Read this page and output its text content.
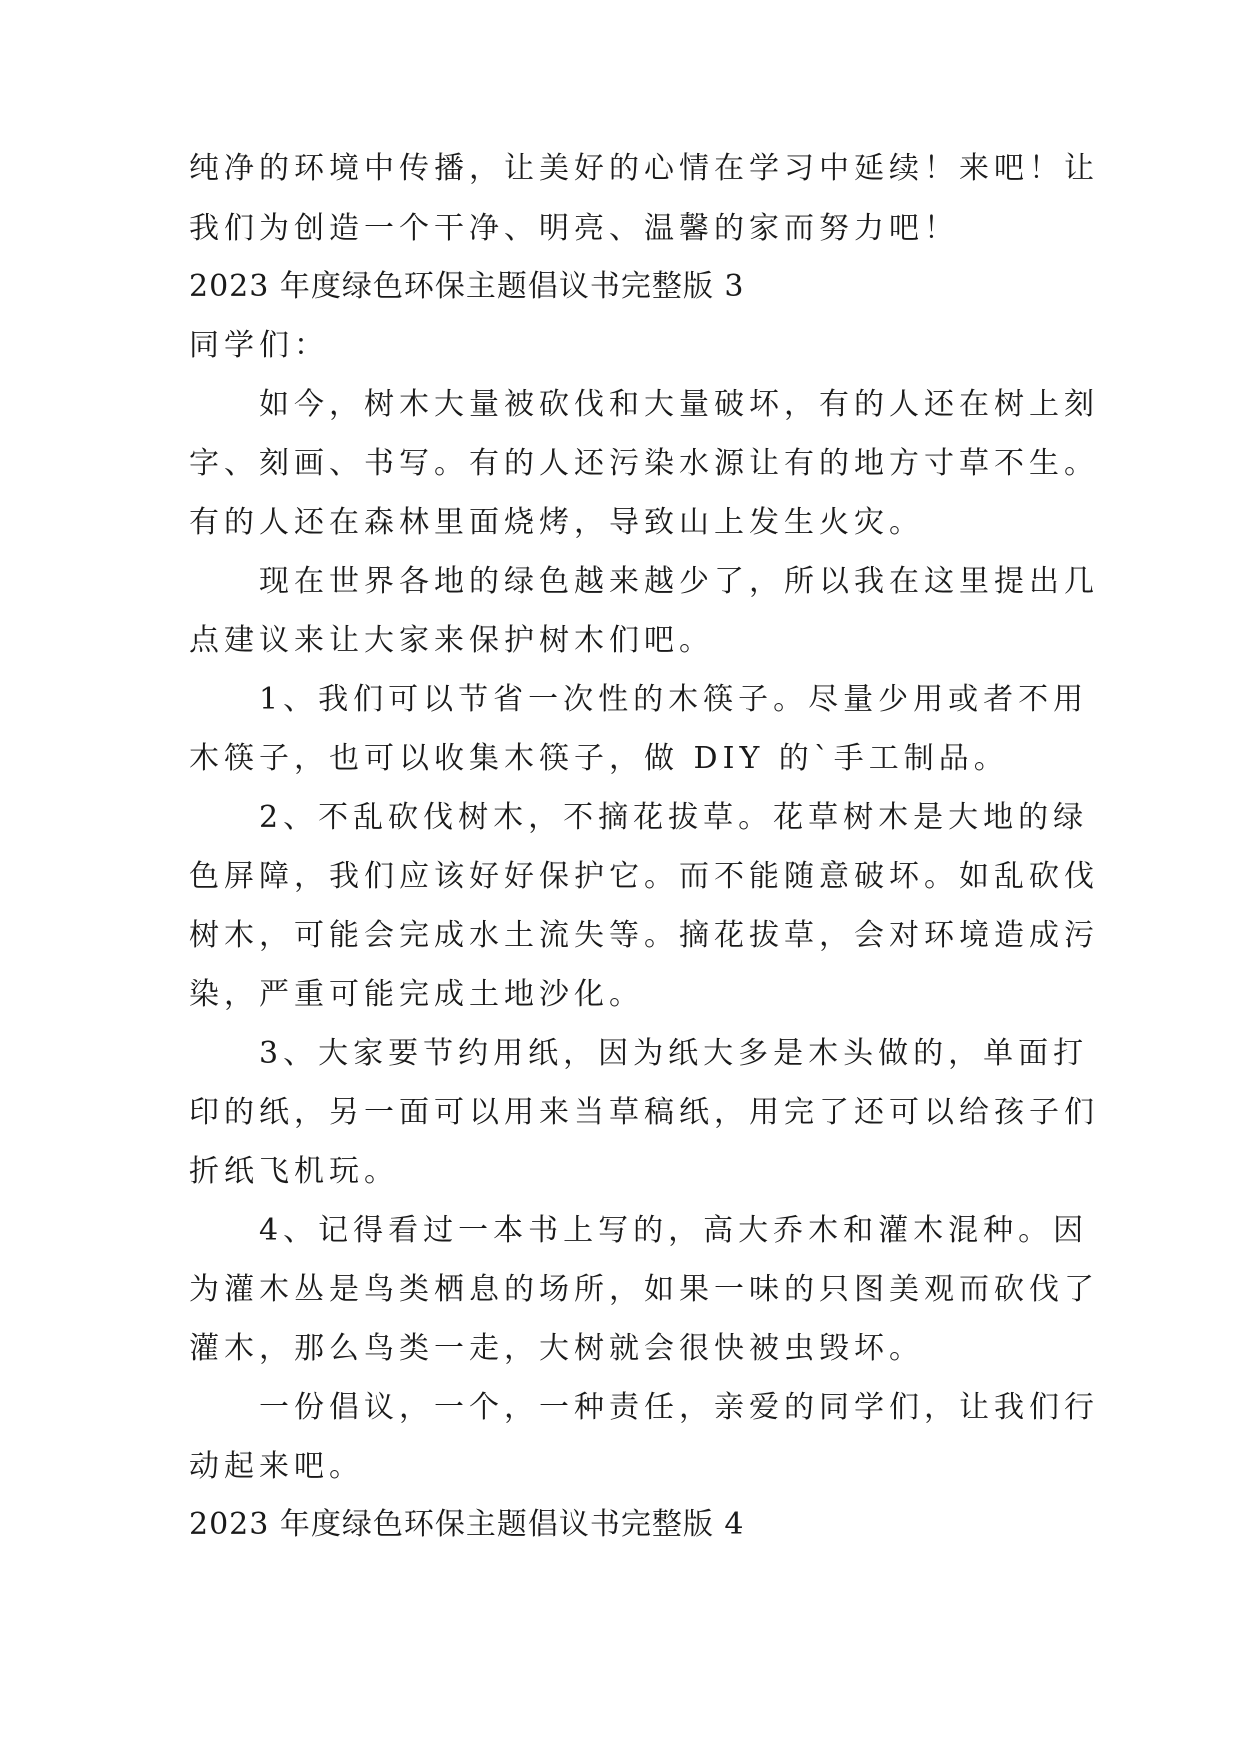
纯净的环境中传播，让美好的心情在学习中延续！来吧！让

我们为创造一个干净、明亮、温馨的家而努力吧！

2023 年度绿色环保主题倡议书完整版 3

同学们：

　　如今，树木大量被砍伐和大量破坏，有的人还在树上刻

字、刻画、书写。有的人还污染水源让有的地方寸草不生。

有的人还在森林里面烧烤，导致山上发生火灾。

　　现在世界各地的绿色越来越少了，所以我在这里提出几

点建议来让大家来保护树木们吧。

　　1、我们可以节省一次性的木筷子。尽量少用或者不用

木筷子，也可以收集木筷子，做 DIY 的`手工制品。

　　2、不乱砍伐树木，不摘花拔草。花草树木是大地的绿

色屏障，我们应该好好保护它。而不能随意破坏。如乱砍伐

树木，可能会完成水土流失等。摘花拔草，会对环境造成污

染，严重可能完成土地沙化。

　　3、大家要节约用纸，因为纸大多是木头做的，单面打

印的纸，另一面可以用来当草稿纸，用完了还可以给孩子们

折纸飞机玩。

　　4、记得看过一本书上写的，高大乔木和灌木混种。因

为灌木丛是鸟类栖息的场所，如果一味的只图美观而砍伐了

灌木，那么鸟类一走，大树就会很快被虫毁坏。

　　一份倡议，一个，一种责任，亲爱的同学们，让我们行

动起来吧。

2023 年度绿色环保主题倡议书完整版 4
